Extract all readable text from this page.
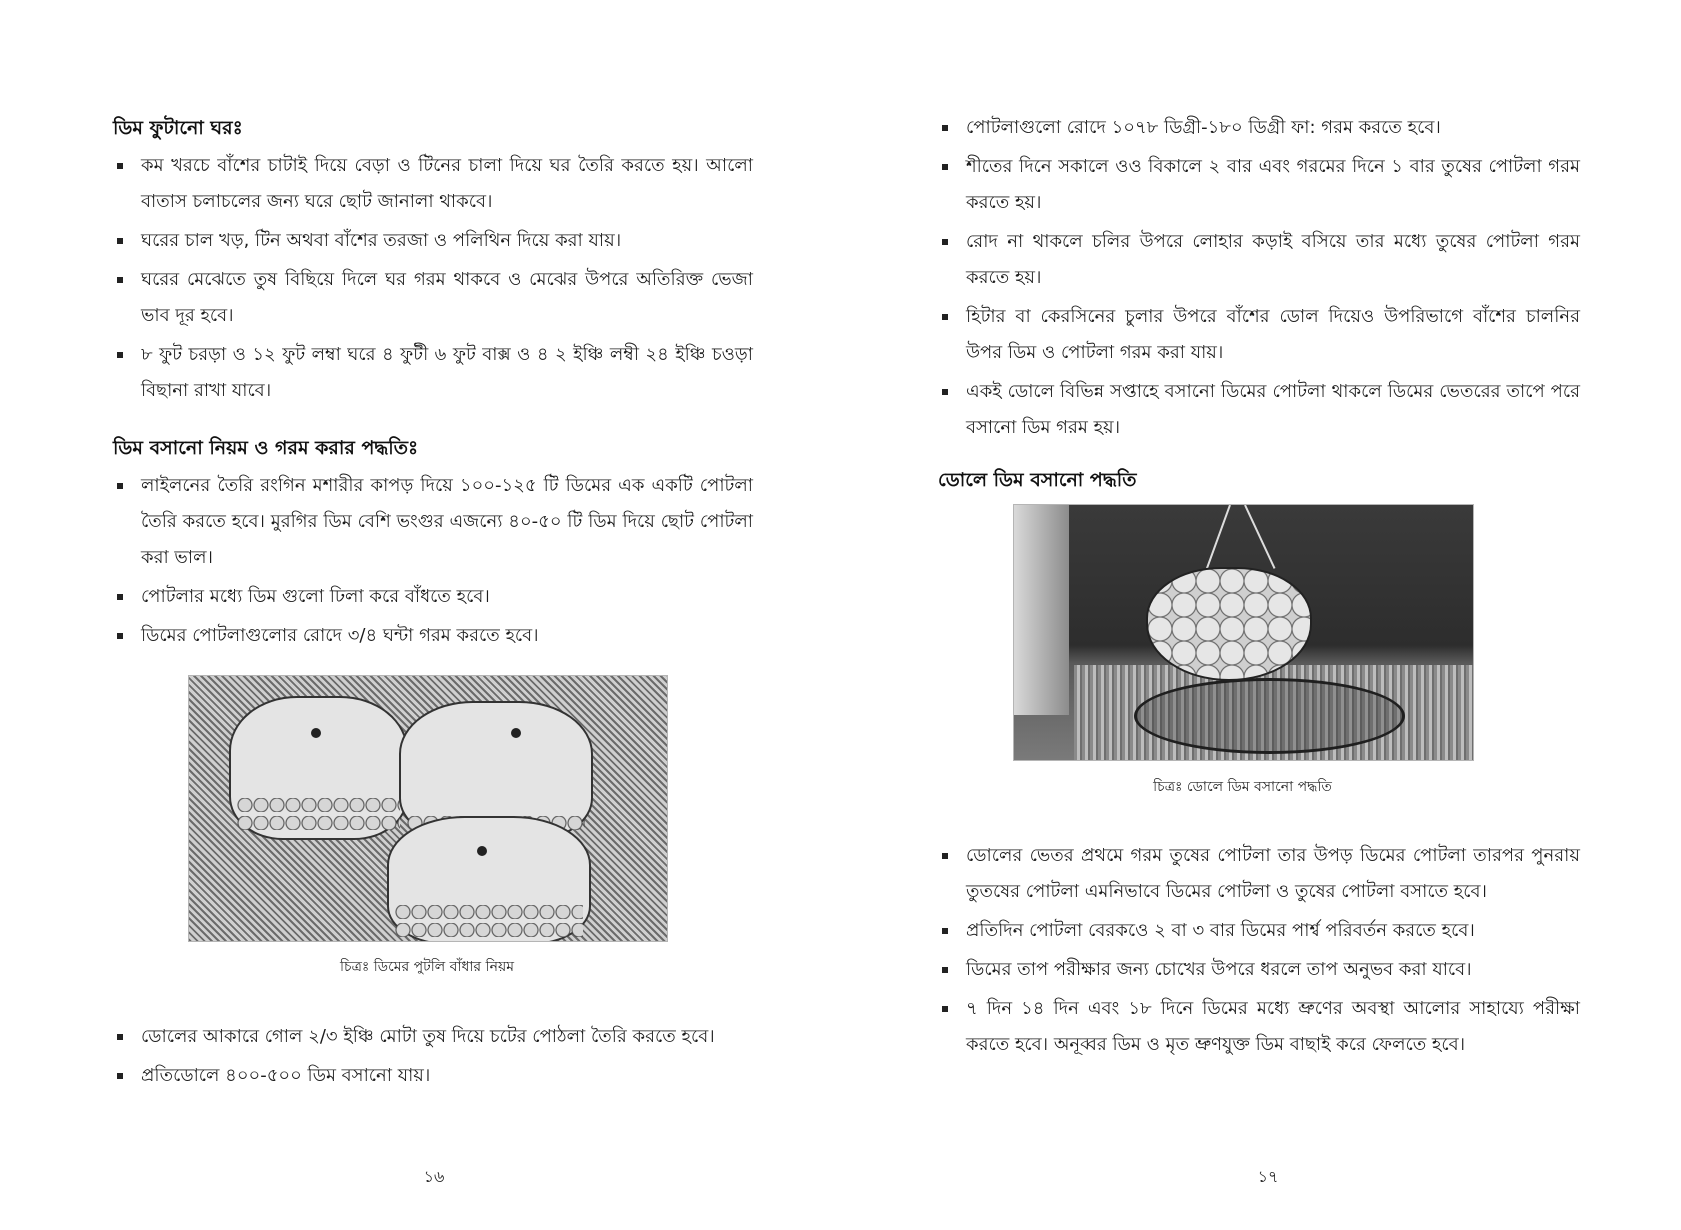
ডিম ফুটানো ঘরঃ
কম খরচে বাঁশের চাটাই দিয়ে বেড়া ও টিনের চালা দিয়ে ঘর তৈরি করতে হয়। আলো বাতাস চলাচলের জন্য ঘরে ছোট জানালা থাকবে।
ঘরের চাল খড়, টিন অথবা বাঁশের তরজা ও পলিথিন দিয়ে করা যায়।
ঘরের মেঝেতে তুষ বিছিয়ে দিলে ঘর গরম থাকবে ও মেঝের উপরে অতিরিক্ত ভেজা ভাব দূর হবে।
৮ ফুট চরড়া ও ১২ ফুট লম্বা ঘরে ৪ ফুটী ৬ ফুট বাক্স ও ৪ ২ ইঞ্চি লম্বী ২৪ ইঞ্চি চওড়া বিছানা রাখা যাবে।
ডিম বসানো নিয়ম ও গরম করার পদ্ধতিঃ
লাইলনের তৈরি রংগিন মশারীর কাপড় দিয়ে ১০০-১২৫ টি ডিমের এক একটি পোটলা তৈরি করতে হবে। মুরগির ডিম বেশি ভংগুর এজন্যে ৪০-৫০ টি ডিম দিয়ে ছোট পোটলা করা ভাল।
পোটলার মধ্যে ডিম গুলো ঢিলা করে বাঁধতে হবে।
ডিমের পোটলাগুলোর রোদে ৩/৪ ঘন্টা গরম করতে হবে।
চিত্রঃ ডিমের পুটলি বাঁধার নিয়ম
ডোলের আকারে গোল ২/৩ ইঞ্চি মোটা তুষ দিয়ে চটের পোঠলা তৈরি করতে হবে।
প্রতিডোলে ৪০০-৫০০ ডিম বসানো যায়।
১৬
পোটলাগুলো রোদে ১০৭৮ ডিগ্রী-১৮০ ডিগ্রী ফা: গরম করতে হবে।
শীতের দিনে সকালে ওও বিকালে ২ বার এবং গরমের দিনে ১ বার তুষের পোটলা গরম করতে হয়।
রোদ না থাকলে চলির উপরে লোহার কড়াই বসিয়ে তার মধ্যে তুষের পোটলা গরম করতে হয়।
হিটার বা কেরসিনের চুলার উপরে বাঁশের ডোল দিয়েও উপরিভাগে বাঁশের চালনির উপর ডিম ও পোটলা গরম করা যায়।
একই ডোলে বিভিন্ন সপ্তাহে বসানো ডিমের পোটলা থাকলে ডিমের ভেতরের তাপে পরে বসানো ডিম গরম হয়।
ডোলে ডিম বসানো পদ্ধতি
চিত্রঃ ডোলে ডিম বসানো পদ্ধতি
ডোলের ভেতর প্রথমে গরম তুষের পোটলা তার উপড় ডিমের পোটলা তারপর পুনরায় তুতষের পোটলা এমনিভাবে ডিমের পোটলা ও তুষের পোটলা বসাতে হবে।
প্রতিদিন পোটলা বেরকওে ২ বা ৩ বার ডিমের পার্শ্ব পরিবর্তন করতে হবে।
ডিমের তাপ পরীক্ষার জন্য চোখের উপরে ধরলে তাপ অনুভব করা যাবে।
৭ দিন ১৪ দিন এবং ১৮ দিনে ডিমের মধ্যে ভ্রুণের অবস্থা আলোর সাহায্যে পরীক্ষা করতে হবে। অনূব্বর ডিম ও মৃত ভ্রুণযুক্ত ডিম বাছাই করে ফেলতে হবে।
১৭
